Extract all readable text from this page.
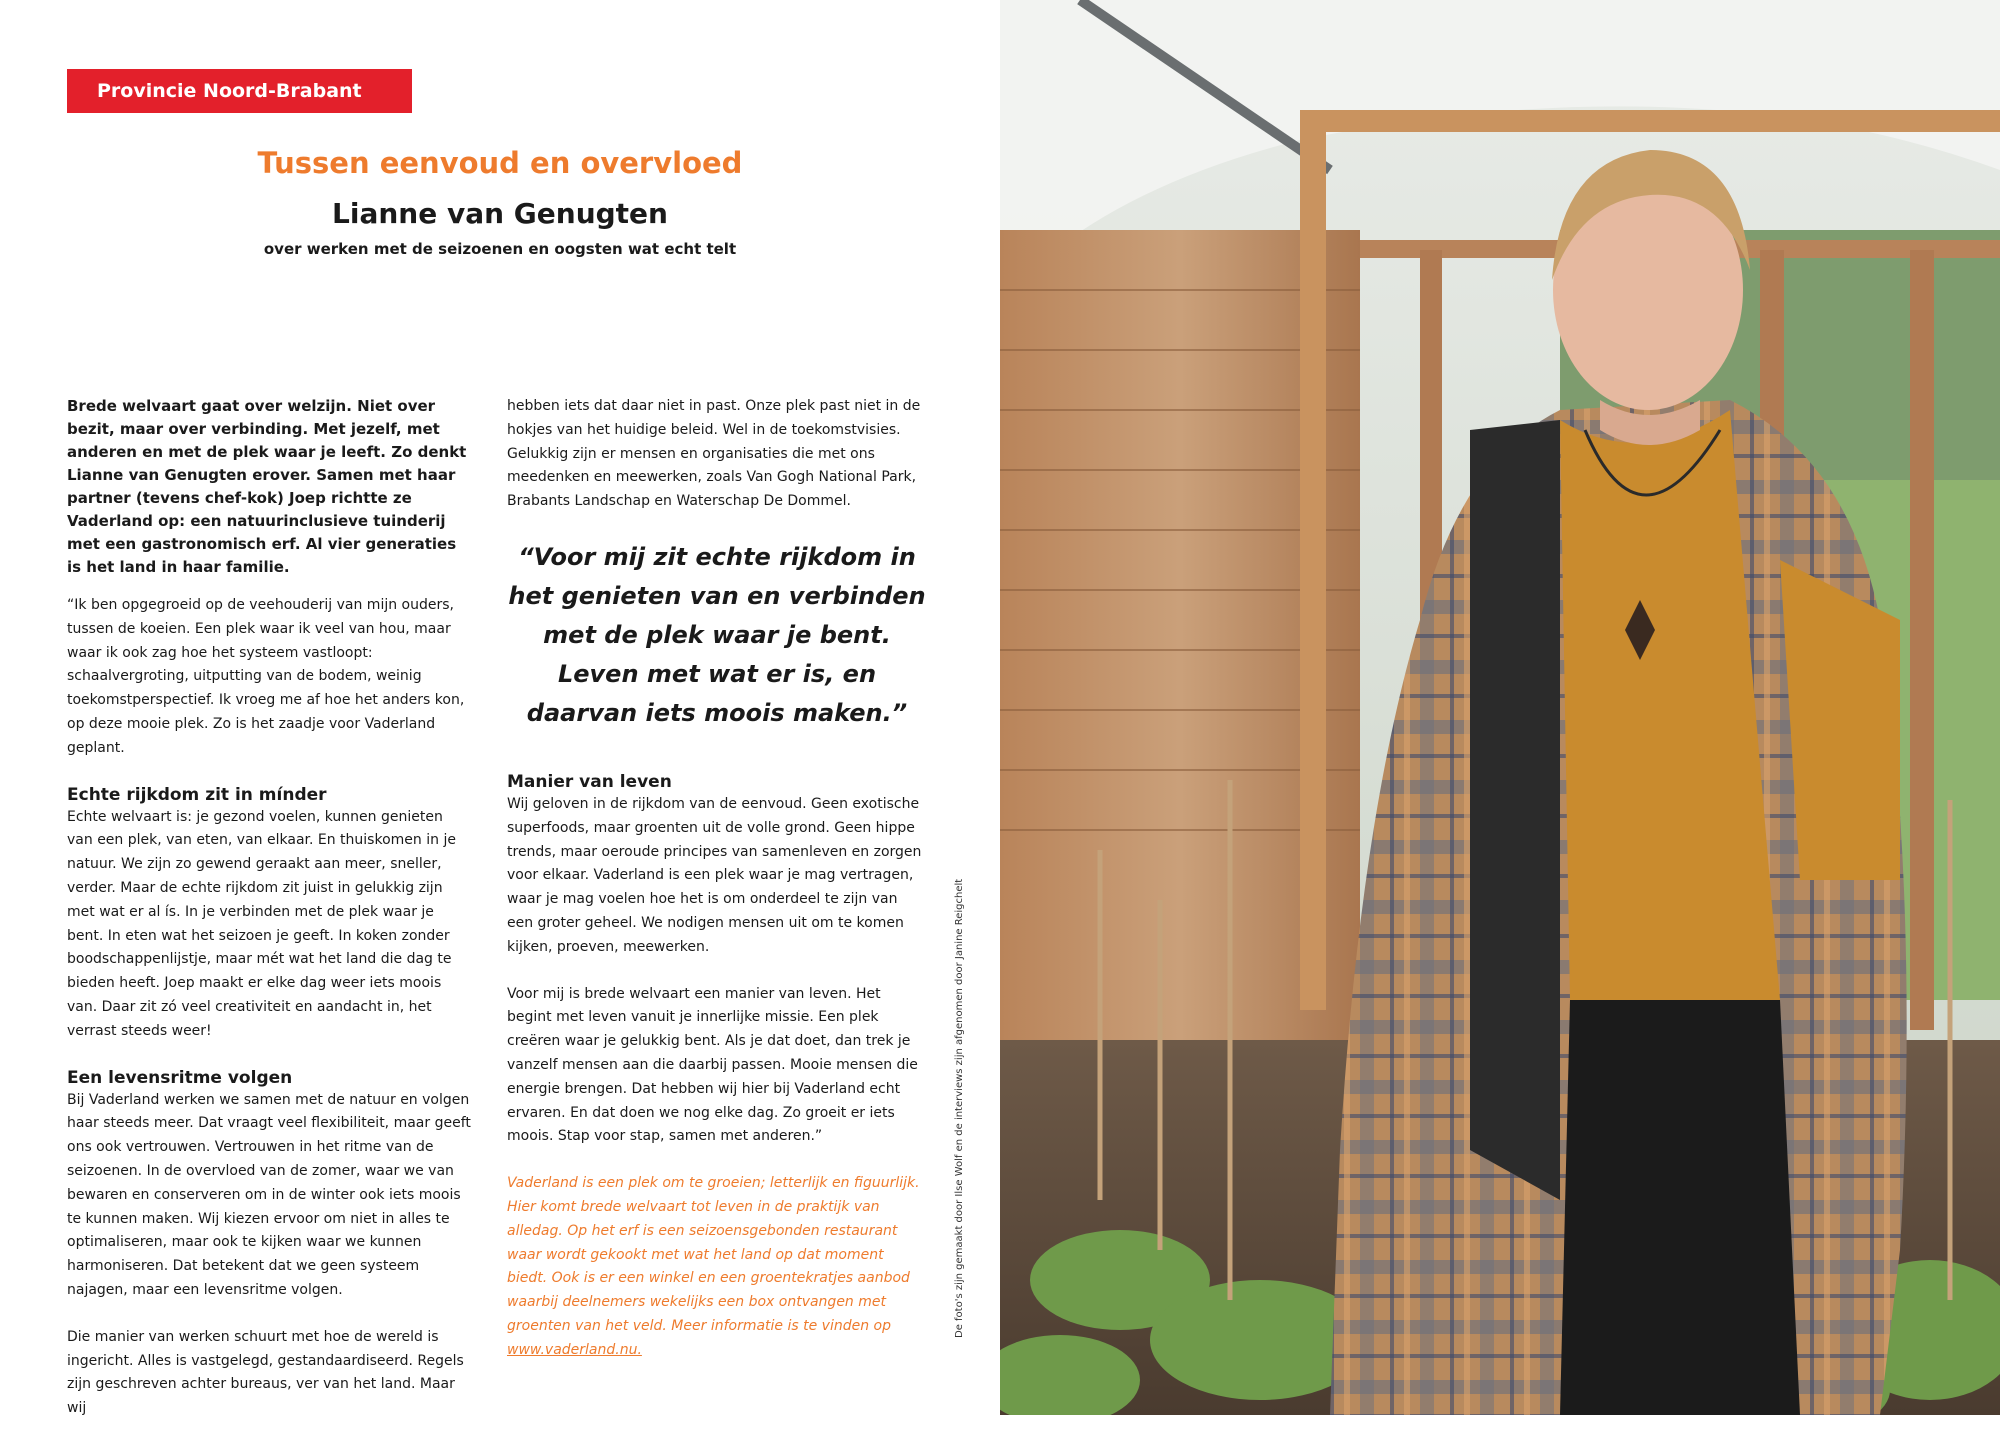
Provincie Noord-Brabant
Tussen eenvoud en overvloed
Lianne van Genugten
over werken met de seizoenen en oogsten wat echt telt

Brede welvaart gaat over welzijn. Niet over bezit, maar over verbinding. Met jezelf, met anderen en met de plek waar je leeft. Zo denkt Lianne van Genugten erover. Samen met haar partner (tevens chef-kok) Joep richtte ze Vaderland op: een natuurinclusieve tuinderij met een gastronomisch erf. Al vier generaties is het land in haar familie.

“Ik ben opgegroeid op de veehouderij van mijn ouders, tussen de koeien. Een plek waar ik veel van hou, maar waar ik ook zag hoe het systeem vastloopt: schaalvergroting, uitputting van de bodem, weinig toekomstperspectief. Ik vroeg me af hoe het anders kon, op deze mooie plek. Zo is het zaadje voor Vaderland geplant.

Echte rijkdom zit in mínder

Echte welvaart is: je gezond voelen, kunnen genieten van een plek, van eten, van elkaar. En thuiskomen in je natuur. We zijn zo gewend geraakt aan meer, sneller, verder. Maar de echte rijkdom zit juist in gelukkig zijn met wat er al ís. In je verbinden met de plek waar je bent. In eten wat het seizoen je geeft. In koken zonder boodschappenlijstje, maar mét wat het land die dag te bieden heeft. Joep maakt er elke dag weer iets moois van. Daar zit zó veel creativiteit en aandacht in, het verrast steeds weer!

Een levensritme volgen

Bij Vaderland werken we samen met de natuur en volgen haar steeds meer. Dat vraagt veel flexibiliteit, maar geeft ons ook vertrouwen. Vertrouwen in het ritme van de seizoenen. In de overvloed van de zomer, waar we van bewaren en conserveren om in de winter ook iets moois te kunnen maken. Wij kiezen ervoor om niet in alles te optimaliseren, maar ook te kijken waar we kunnen harmoniseren. Dat betekent dat we geen systeem najagen, maar een levensritme volgen.

Die manier van werken schuurt met hoe de wereld is ingericht. Alles is vastgelegd, gestandaardiseerd. Regels zijn geschreven achter bureaus, ver van het land. Maar wij

hebben iets dat daar niet in past. Onze plek past niet in de hokjes van het huidige beleid. Wel in de toekomstvisies. Gelukkig zijn er mensen en organisaties die met ons meedenken en meewerken, zoals Van Gogh National Park, Brabants Landschap en Waterschap De Dommel.

“Voor mij zit echte rijkdom in het genieten van en verbinden met de plek waar je bent. Leven met wat er is, en daarvan iets moois maken.”

Manier van leven

Wij geloven in de rijkdom van de eenvoud. Geen exotische superfoods, maar groenten uit de volle grond. Geen hippe trends, maar oeroude principes van samenleven en zorgen voor elkaar. Vaderland is een plek waar je mag vertragen, waar je mag voelen hoe het is om onderdeel te zijn van een groter geheel. We nodigen mensen uit om te komen kijken, proeven, meewerken.

Voor mij is brede welvaart een manier van leven. Het begint met leven vanuit je innerlijke missie. Een plek creëren waar je gelukkig bent. Als je dat doet, dan trek je vanzelf mensen aan die daarbij passen. Mooie mensen die energie brengen. Dat hebben wij hier bij Vaderland echt ervaren. En dat doen we nog elke dag. Zo groeit er iets moois. Stap voor stap, samen met anderen.”

Vaderland is een plek om te groeien; letterlijk en figuurlijk. Hier komt brede welvaart tot leven in de praktijk van alledag. Op het erf is een seizoensgebonden restaurant waar wordt gekookt met wat het land op dat moment biedt. Ook is er een winkel en een groentekratjes aanbod waarbij deelnemers wekelijks een box ontvangen met groenten van het veld. Meer informatie is te vinden op www.vaderland.nu.

De foto's zijn gemaakt door Ilse Wolf en de interviews zijn afgenomen door Janine Reigchelt
